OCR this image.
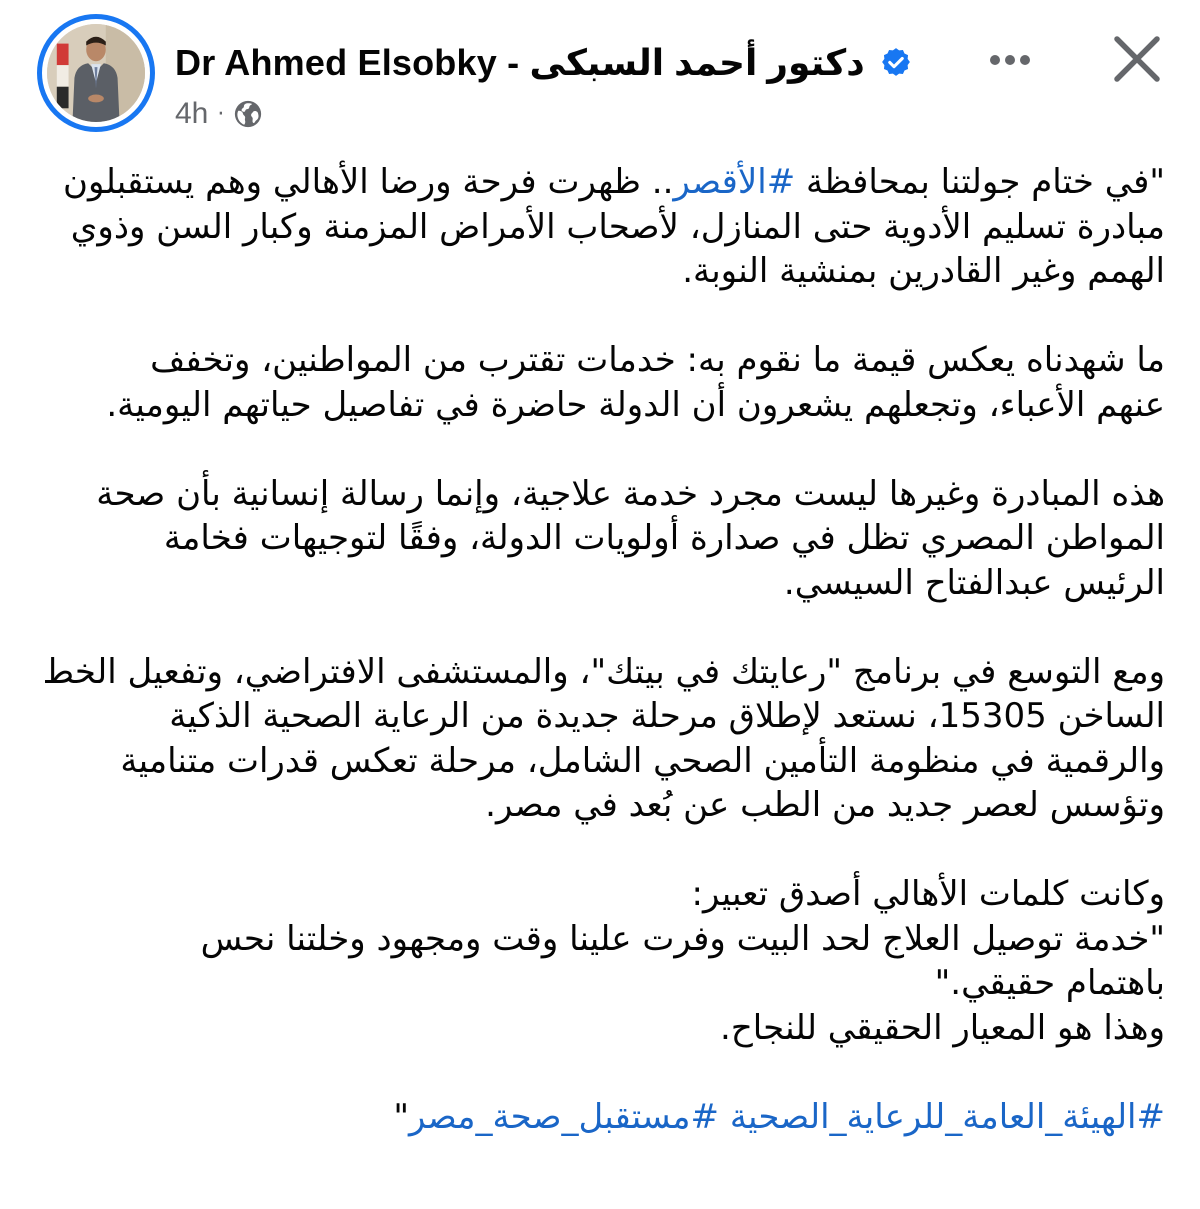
Dr Ahmed Elsobky - دكتور أحمد السبكى
4h ·
"في ختام جولتنا بمحافظة #الأقصر.. ظهرت فرحة ورضا الأهالي وهم يستقبلون
مبادرة تسليم الأدوية حتى المنازل، لأصحاب الأمراض المزمنة وكبار السن وذوي
الهمم وغير القادرين بمنشية النوبة.
ما شهدناه يعكس قيمة ما نقوم به: خدمات تقترب من المواطنين، وتخفف
عنهم الأعباء، وتجعلهم يشعرون أن الدولة حاضرة في تفاصيل حياتهم اليومية.
هذه المبادرة وغيرها ليست مجرد خدمة علاجية، وإنما رسالة إنسانية بأن صحة
المواطن المصري تظل في صدارة أولويات الدولة، وفقًا لتوجيهات فخامة
الرئيس عبدالفتاح السيسي.
ومع التوسع في برنامج "رعايتك في بيتك"، والمستشفى الافتراضي، وتفعيل الخط
الساخن 15305، نستعد لإطلاق مرحلة جديدة من الرعاية الصحية الذكية
والرقمية في منظومة التأمين الصحي الشامل، مرحلة تعكس قدرات متنامية
وتؤسس لعصر جديد من الطب عن بُعد في مصر.
وكانت كلمات الأهالي أصدق تعبير:
"خدمة توصيل العلاج لحد البيت وفرت علينا وقت ومجهود وخلتنا نحس
باهتمام حقيقي."
وهذا هو المعيار الحقيقي للنجاح.
#الهيئة_العامة_للرعاية_الصحية #مستقبل_صحة_مصر"
